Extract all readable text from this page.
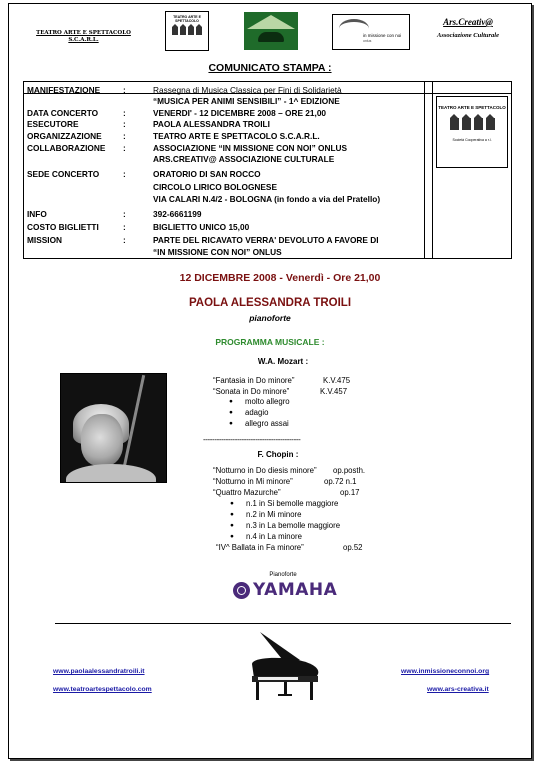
TEATRO ARTE E SPETTACOLO
S.C.A.R.L.
TEATRO ARTE E SPETTACOLO
in missione con noi
onlus
Ars.Creativ@
Associazione Culturale
COMUNICATO STAMPA :
MANIFESTAZIONE	:	Rassegna di Musica Classica per Fini di Solidarietà
“MUSICA PER ANIMI SENSIBILI” - 1^ EDIZIONE
DATA CONCERTO	:	VENERDI' - 12 DICEMBRE 2008 – ORE 21,00
ESECUTORE	:	PAOLA ALESSANDRA TROILI
ORGANIZZAZIONE	:	TEATRO ARTE E SPETTACOLO S.C.A.R.L.
COLLABORAZIONE :	ASSOCIAZIONE “IN MISSIONE CON NOI” ONLUS
ARS.CREATIV@ ASSOCIAZIONE CULTURALE
SEDE CONCERTO	:	ORATORIO DI SAN ROCCO
CIRCOLO LIRICO BOLOGNESE
VIA CALARI N.4/2 - BOLOGNA (in fondo a via del Pratello)
INFO	:	392-6661199
COSTO BIGLIETTI	:	BIGLIETTO UNICO 15,00
MISSION	:	PARTE DEL RICAVATO VERRA' DEVOLUTO A FAVORE DI
“IN MISSIONE CON NOI” ONLUS
TEATRO ARTE E SPETTACOLO
Società Cooperativa a r.l.
12 DICEMBRE 2008 - Venerdì - Ore 21,00
PAOLA ALESSANDRA TROILI
pianoforte
PROGRAMMA MUSICALE :
W.A. Mozart :
“Fantasia in Do minore”	K.V.475
“Sonata in Do minore”	K.V.457
● molto allegro
● adagio
● allegro assai
-------------------------------------------
F. Chopin :
“Notturno in Do diesis minore” op.posth.
“Notturno in Mi minore”	op.72 n.1
“Quattro Mazurche”	op.17
● n.1 in Si bemolle maggiore
● n.2 in Mi minore
● n.3 in La bemolle maggiore
● n.4 in La minore
“IV^ Ballata in Fa minore”	op.52
Pianoforte
YAMAHA
www.paolaalessandratroili.it	www.inmissioneconnoi.org
www.teatroartespettacolo.com	www.ars-creativa.it
